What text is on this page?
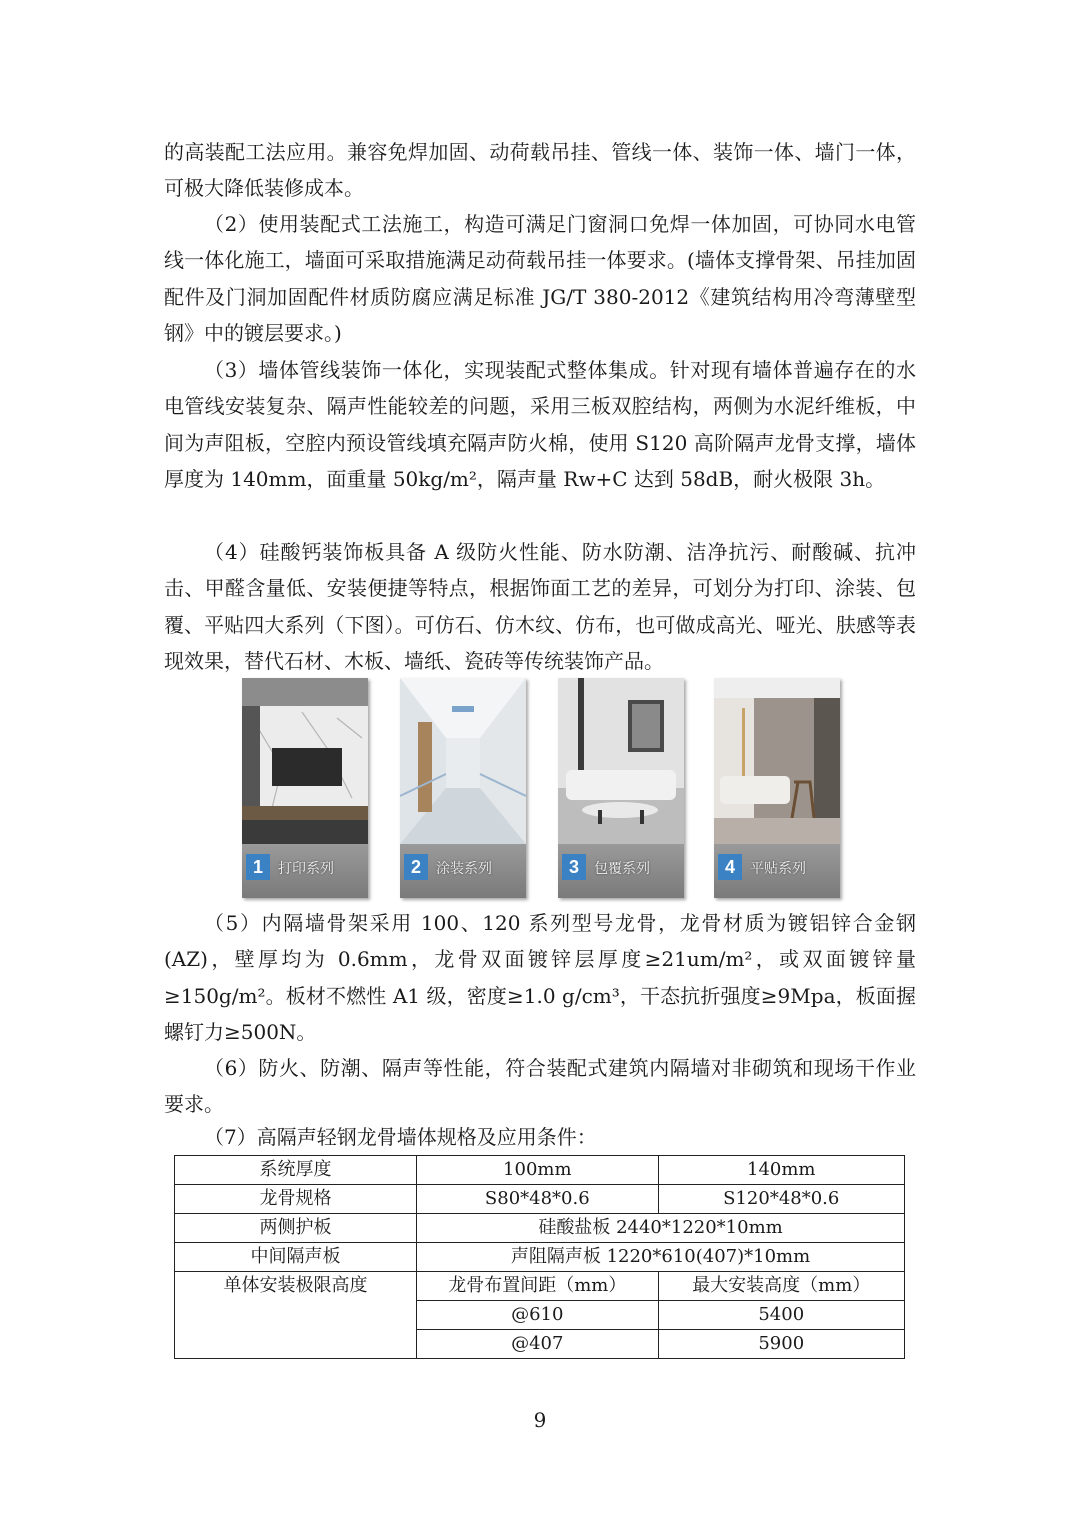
的高装配工法应用。兼容免焊加固、动荷载吊挂、管线一体、装饰一体、墙门一体，可极大降低装修成本。

（2）使用装配式工法施工，构造可满足门窗洞口免焊一体加固，可协同水电管线一体化施工，墙面可采取措施满足动荷载吊挂一体要求。(墙体支撑骨架、吊挂加固配件及门洞加固配件材质防腐应满足标准 JG/T 380-2012《建筑结构用冷弯薄壁型钢》中的镀层要求。)

（3）墙体管线装饰一体化，实现装配式整体集成。针对现有墙体普遍存在的水电管线安装复杂、隔声性能较差的问题，采用三板双腔结构，两侧为水泥纤维板，中间为声阻板，空腔内预设管线填充隔声防火棉，使用 S120 高阶隔声龙骨支撑，墙体厚度为 140mm，面重量 50kg/m²，隔声量 Rw+C 达到 58dB，耐火极限 3h。

（4）硅酸钙装饰板具备 A 级防火性能、防水防潮、洁净抗污、耐酸碱、抗冲击、甲醛含量低、安装便捷等特点，根据饰面工艺的差异，可划分为打印、涂装、包覆、平贴四大系列（下图）。可仿石、仿木纹、仿布，也可做成高光、哑光、肤感等表现效果，替代石材、木板、墙纸、瓷砖等传统装饰产品。

1	打印系列	2	涂装系列	3	包覆系列	4	平贴系列

（5）内隔墙骨架采用 100、120 系列型号龙骨，龙骨材质为镀铝锌合金钢(AZ)，壁厚均为 0.6mm，龙骨双面镀锌层厚度≥21um/m²，或双面镀锌量≥150g/m²。板材不燃性 A1 级，密度≥1.0 g/cm³，干态抗折强度≥9Mpa，板面握螺钉力≥500N。

（6）防火、防潮、隔声等性能，符合装配式建筑内隔墙对非砌筑和现场干作业要求。

（7）高隔声轻钢龙骨墙体规格及应用条件：

系统厚度	100mm	140mm
龙骨规格	S80*48*0.6	S120*48*0.6
两侧护板	硅酸盐板 2440*1220*10mm	
中间隔声板	声阻隔声板 1220*610(407)*10mm	
单体安装极限高度	龙骨布置间距（mm）	最大安装高度（mm）
	@610	5400
	@407	5900
9
